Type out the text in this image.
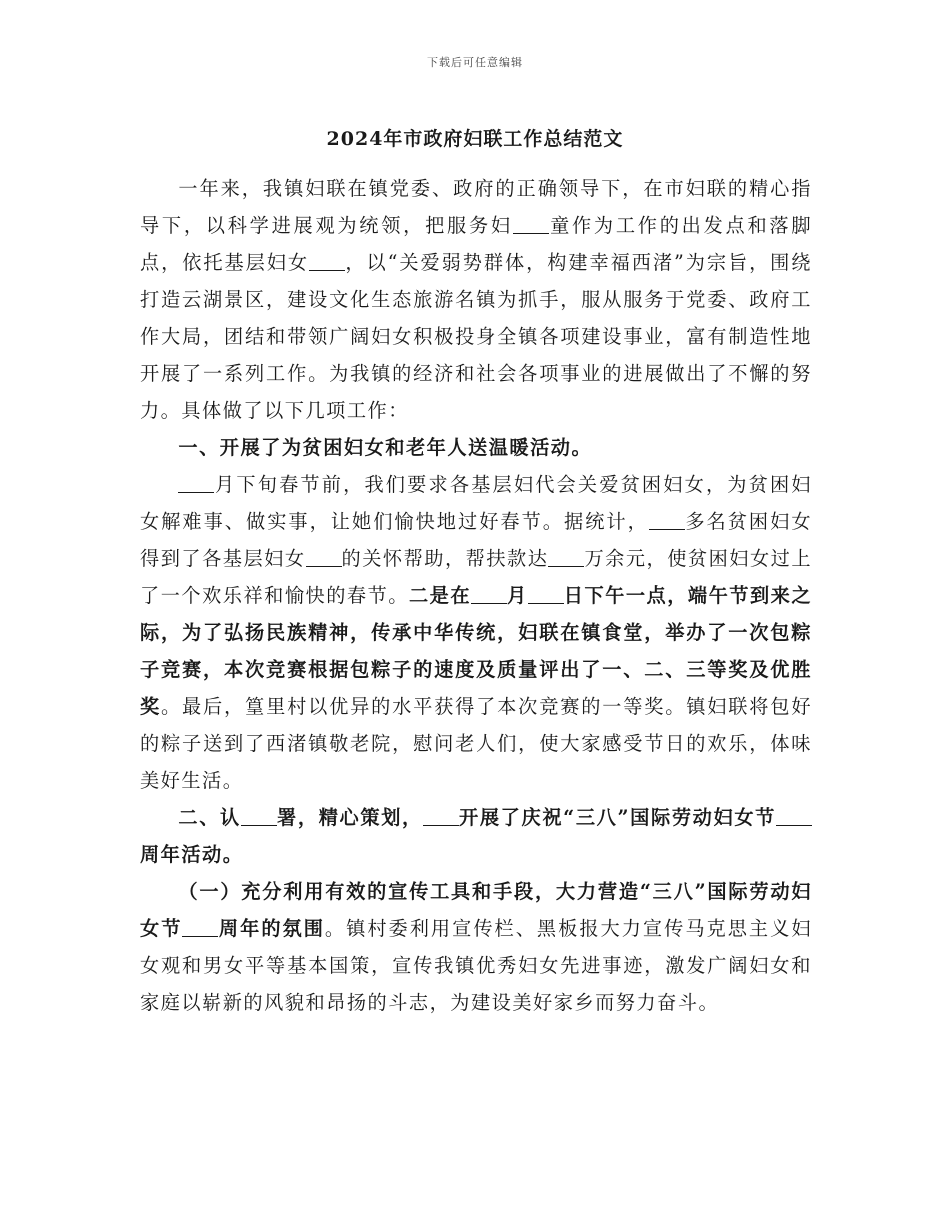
下载后可任意编辑
2024年市政府妇联工作总结范文

一年来，我镇妇联在镇党委、政府的正确领导下，在市妇联的精心指导下，以科学进展观为统领，把服务妇 童作为工作的出发点和落脚点，依托基层妇女 ，以“关爱弱势群体，构建幸福西渚”为宗旨，围绕打造云湖景区，建设文化生态旅游名镇为抓手，服从服务于党委、政府工作大局，团结和带领广阔妇女积极投身全镇各项建设事业，富有制造性地开展了一系列工作。为我镇的经济和社会各项事业的进展做出了不懈的努力。具体做了以下几项工作：

一、开展了为贫困妇女和老年人送温暖活动。

月下旬春节前，我们要求各基层妇代会关爱贫困妇女，为贫困妇女解难事、做实事，让她们愉快地过好春节。据统计， 多名贫困妇女得到了各基层妇女 的关怀帮助，帮扶款达 万余元，使贫困妇女过上了一个欢乐祥和愉快的春节。二是在 月 日下午一点，端午节到来之际，为了弘扬民族精神，传承中华传统，妇联在镇食堂，举办了一次包粽子竞赛，本次竞赛根据包粽子的速度及质量评出了一、二、三等奖及优胜奖。最后，篁里村以优异的水平获得了本次竞赛的一等奖。镇妇联将包好的粽子送到了西渚镇敬老院，慰问老人们，使大家感受节日的欢乐，体味美好生活。

二、认 署，精心策划， 开展了庆祝“三八”国际劳动妇女节周年活动。

（一）充分利用有效的宣传工具和手段，大力营造“三八”国际劳动妇女节 周年的氛围。镇村委利用宣传栏、黑板报大力宣传马克思主义妇女观和男女平等基本国策，宣传我镇优秀妇女先进事迹，激发广阔妇女和家庭以崭新的风貌和昂扬的斗志，为建设美好家乡而努力奋斗。
